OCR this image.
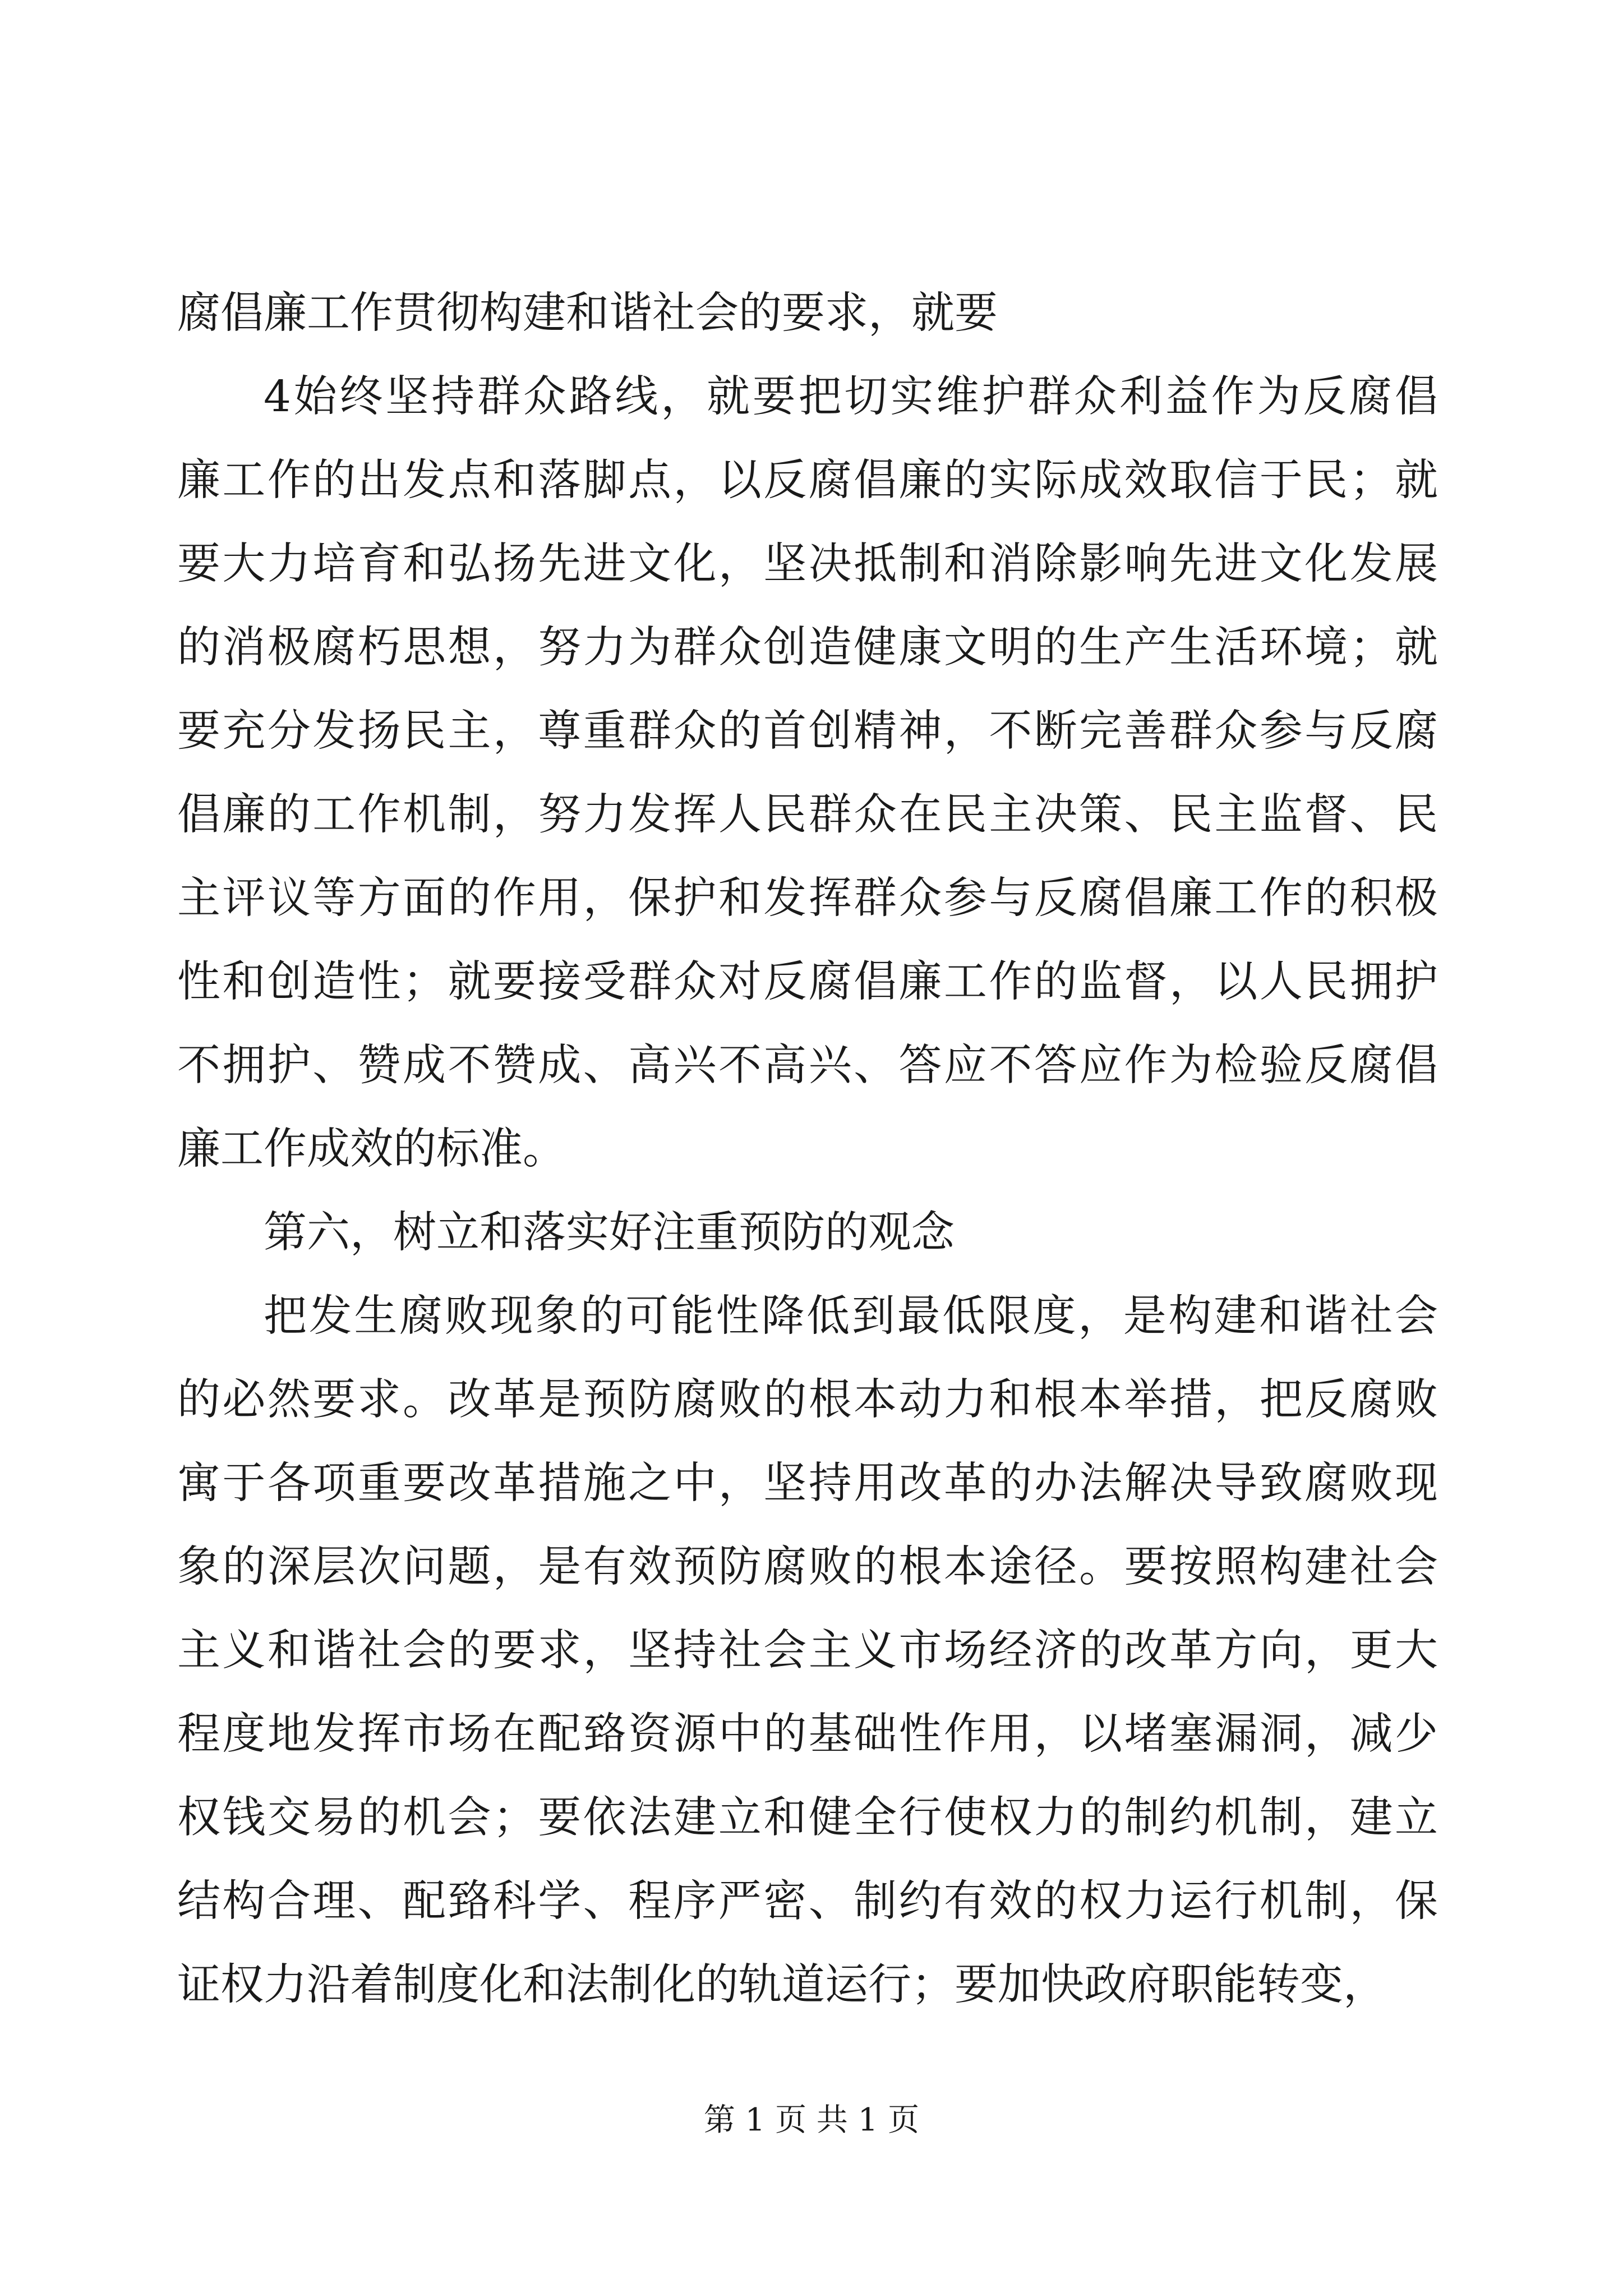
腐倡廉工作贯彻构建和谐社会的要求，就要
4始终坚持群众路线，就要把切实维护群众利益作为反腐倡
廉工作的出发点和落脚点，以反腐倡廉的实际成效取信于民；就
要大力培育和弘扬先进文化，坚决抵制和消除影响先进文化发展
的消极腐朽思想，努力为群众创造健康文明的生产生活环境；就
要充分发扬民主，尊重群众的首创精神，不断完善群众参与反腐
倡廉的工作机制，努力发挥人民群众在民主决策、民主监督、民
主评议等方面的作用，保护和发挥群众参与反腐倡廉工作的积极
性和创造性；就要接受群众对反腐倡廉工作的监督，以人民拥护
不拥护、赞成不赞成、高兴不高兴、答应不答应作为检验反腐倡
廉工作成效的标准。
第六，树立和落实好注重预防的观念
把发生腐败现象的可能性降低到最低限度，是构建和谐社会
的必然要求。改革是预防腐败的根本动力和根本举措，把反腐败
寓于各项重要改革措施之中，坚持用改革的办法解决导致腐败现
象的深层次问题，是有效预防腐败的根本途径。要按照构建社会
主义和谐社会的要求，坚持社会主义市场经济的改革方向，更大
程度地发挥市场在配臵资源中的基础性作用，以堵塞漏洞，减少
权钱交易的机会；要依法建立和健全行使权力的制约机制，建立
结构合理、配臵科学、程序严密、制约有效的权力运行机制，保
证权力沿着制度化和法制化的轨道运行；要加快政府职能转变，
第 1 页 共 1 页
